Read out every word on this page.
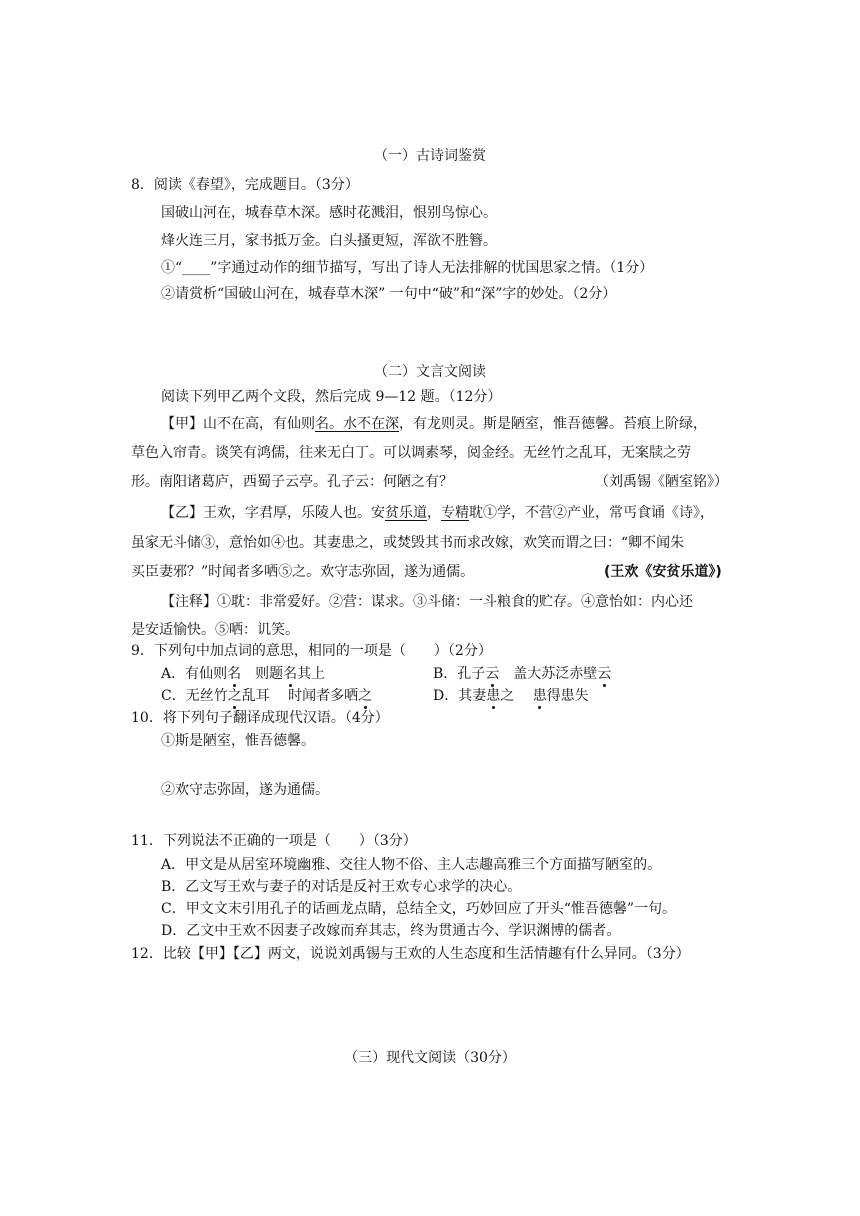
（一）古诗词鉴赏
8．阅读《春望》，完成题目。（3分）
国破山河在，城春草木深。感时花溅泪，恨别鸟惊心。
烽火连三月，家书抵万金。白头搔更短，浑欲不胜簪。
①“____”字通过动作的细节描写，写出了诗人无法排解的忧国思家之情。（1分）
②请赏析“国破山河在，城春草木深” 一句中“破”和“深”字的妙处。（2分）
（二）文言文阅读
阅读下列甲乙两个文段，然后完成 9—12 题。（12分）
【甲】山不在高，有仙则名。水不在深，有龙则灵。斯是陋室，惟吾德馨。苔痕上阶绿，
草色入帘青。谈笑有鸿儒，往来无白丁。可以调素琴，阅金经。无丝竹之乱耳，无案牍之劳
形。南阳诸葛庐，西蜀子云亭。孔子云：何陋之有？	（刘禹锡《陋室铭》）
【乙】王欢，字君厚，乐陵人也。安贫乐道，专精耽①学，不营②产业，常丐食诵《诗》，
虽家无斗储③，意怡如④也。其妻患之，或焚毁其书而求改嫁，欢笑而谓之曰：“卿不闻朱
买臣妻邪？”时闻者多哂⑤之。欢守志弥固，遂为通儒。	(王欢《安贫乐道》)
【注释】①耽：非常爱好。②营：谋求。③斗储：一斗粮食的贮存。④意怡如：内心还
是安适愉快。⑤哂：讥笑。
9．下列句中加点词的意思，相同的一项是（　　）（2分）
A．有仙则名　则题名其上	B．孔子云　盖大苏泛赤壁云
C．无丝竹之乱耳　 时闻者多哂之	D．其妻患之　 患得患失
10．将下列句子翻译成现代汉语。（4分）
①斯是陋室，惟吾德馨。
②欢守志弥固，遂为通儒。
11．下列说法不正确的一项是（　　）（3分）
A．甲文是从居室环境幽雅、交往人物不俗、主人志趣高雅三个方面描写陋室的。
B．乙文写王欢与妻子的对话是反衬王欢专心求学的决心。
C．甲文文末引用孔子的话画龙点睛，总结全文，巧妙回应了开头“惟吾德馨”一句。
D．乙文中王欢不因妻子改嫁而弃其志，终为贯通古今、学识渊博的儒者。
12．比较【甲】【乙】两文，说说刘禹锡与王欢的人生态度和生活情趣有什么异同。（3分）
（三）现代文阅读（30分）
